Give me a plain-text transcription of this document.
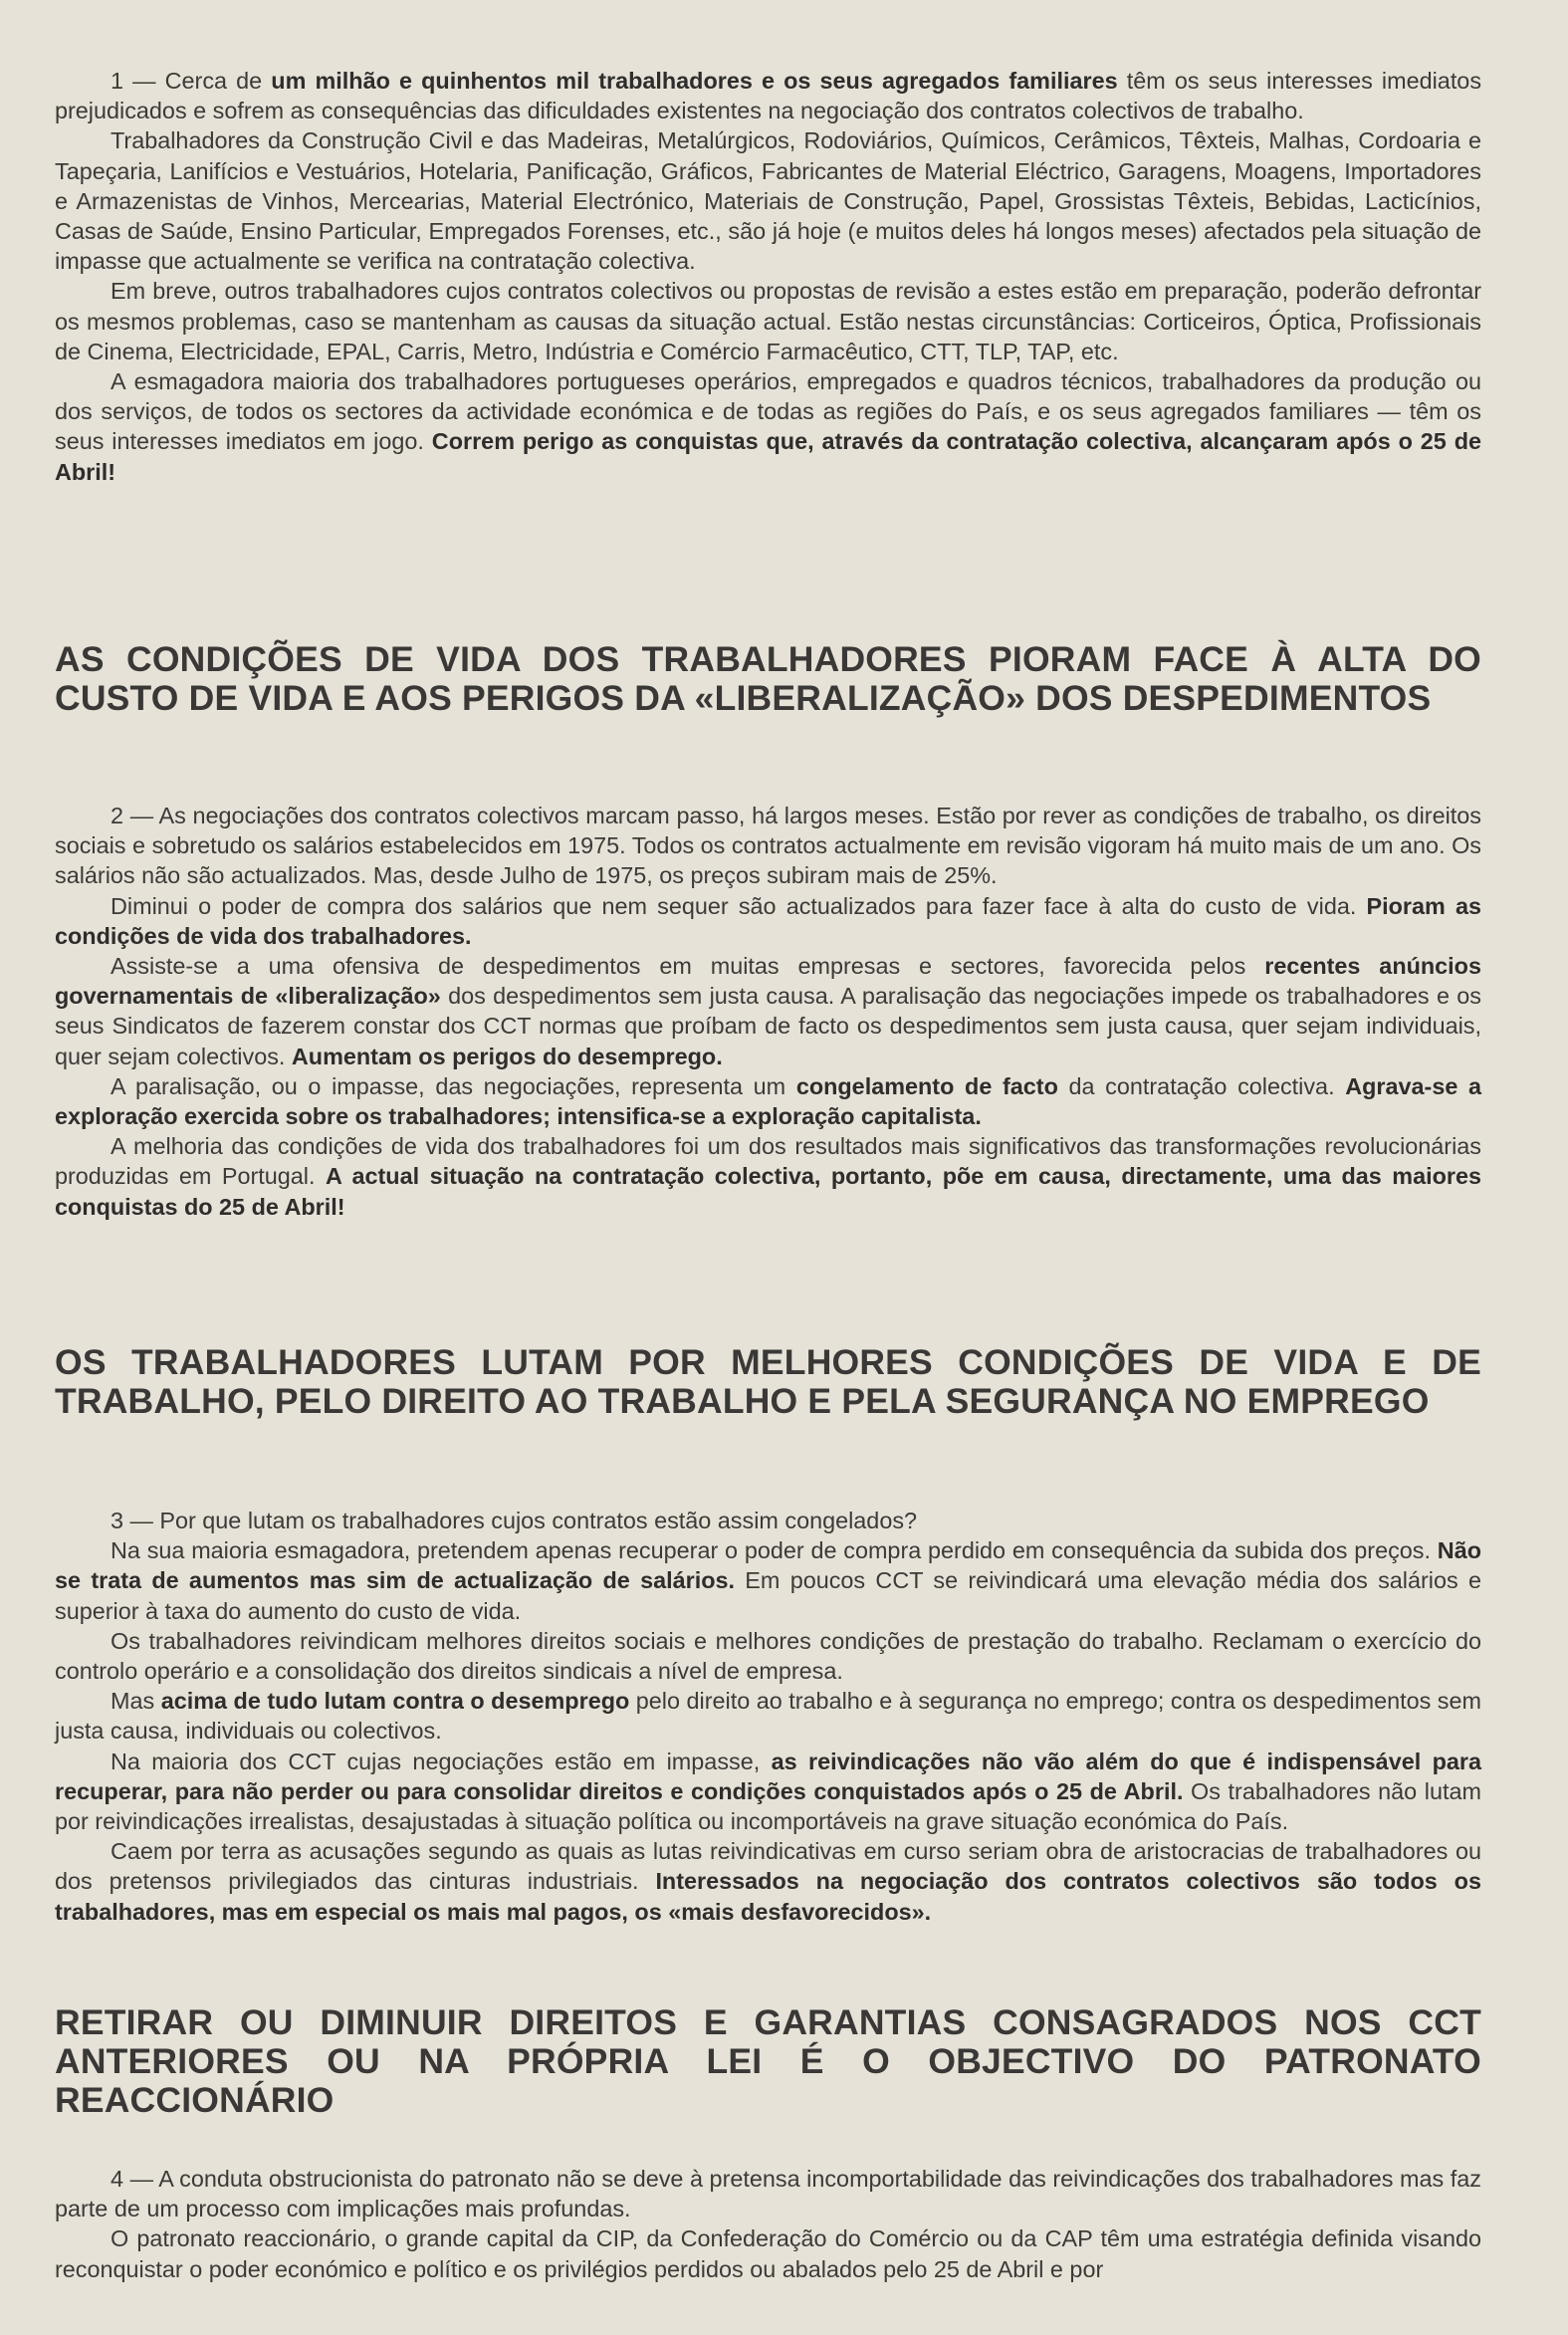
1 — Cerca de um milhão e quinhentos mil trabalhadores e os seus agregados familiares têm os seus interesses imediatos prejudicados e sofrem as consequências das dificuldades existentes na negociação dos contratos colectivos de trabalho.

Trabalhadores da Construção Civil e das Madeiras, Metalúrgicos, Rodoviários, Químicos, Cerâmicos, Têxteis, Malhas, Cordoaria e Tapeçaria, Lanifícios e Vestuários, Hotelaria, Panificação, Gráficos, Fabricantes de Material Eléctrico, Garagens, Moagens, Importadores e Armazenistas de Vinhos, Mercearias, Material Electrónico, Materiais de Construção, Papel, Grossistas Têxteis, Bebidas, Lacticínios, Casas de Saúde, Ensino Particular, Empregados Forenses, etc., são já hoje (e muitos deles há longos meses) afectados pela situação de impasse que actualmente se verifica na contratação colectiva.

Em breve, outros trabalhadores cujos contratos colectivos ou propostas de revisão a estes estão em preparação, poderão defrontar os mesmos problemas, caso se mantenham as causas da situação actual. Estão nestas circunstâncias: Corticeiros, Óptica, Profissionais de Cinema, Electricidade, EPAL, Carris, Metro, Indústria e Comércio Farmacêutico, CTT, TLP, TAP, etc.

A esmagadora maioria dos trabalhadores portugueses operários, empregados e quadros técnicos, trabalhadores da produção ou dos serviços, de todos os sectores da actividade económica e de todas as regiões do País, e os seus agregados familiares — têm os seus interesses imediatos em jogo. Correm perigo as conquistas que, através da contratação colectiva, alcançaram após o 25 de Abril!

AS CONDIÇÕES DE VIDA DOS TRABALHADORES PIORAM FACE À ALTA DO CUSTO DE VIDA E AOS PERIGOS DA «LIBERALIZAÇÃO» DOS DESPEDIMENTOS

2 — As negociações dos contratos colectivos marcam passo, há largos meses. Estão por rever as condições de trabalho, os direitos sociais e sobretudo os salários estabelecidos em 1975. Todos os contratos actualmente em revisão vigoram há muito mais de um ano. Os salários não são actualizados. Mas, desde Julho de 1975, os preços subiram mais de 25%.

Diminui o poder de compra dos salários que nem sequer são actualizados para fazer face à alta do custo de vida. Pioram as condições de vida dos trabalhadores.

Assiste-se a uma ofensiva de despedimentos em muitas empresas e sectores, favorecida pelos recentes anúncios governamentais de «liberalização» dos despedimentos sem justa causa. A paralisação das negociações impede os trabalhadores e os seus Sindicatos de fazerem constar dos CCT normas que proíbam de facto os despedimentos sem justa causa, quer sejam individuais, quer sejam colectivos. Aumentam os perigos do desemprego.

A paralisação, ou o impasse, das negociações, representa um congelamento de facto da contratação colectiva. Agrava-se a exploração exercida sobre os trabalhadores; intensifica-se a exploração capitalista.

A melhoria das condições de vida dos trabalhadores foi um dos resultados mais significativos das transformações revolucionárias produzidas em Portugal. A actual situação na contratação colectiva, portanto, põe em causa, directamente, uma das maiores conquistas do 25 de Abril!

OS TRABALHADORES LUTAM POR MELHORES CONDIÇÕES DE VIDA E DE TRABALHO, PELO DIREITO AO TRABALHO E PELA SEGURANÇA NO EMPREGO

3 — Por que lutam os trabalhadores cujos contratos estão assim congelados?

Na sua maioria esmagadora, pretendem apenas recuperar o poder de compra perdido em consequência da subida dos preços. Não se trata de aumentos mas sim de actualização de salários. Em poucos CCT se reivindicará uma elevação média dos salários e superior à taxa do aumento do custo de vida.

Os trabalhadores reivindicam melhores direitos sociais e melhores condições de prestação do trabalho. Reclamam o exercício do controlo operário e a consolidação dos direitos sindicais a nível de empresa.

Mas acima de tudo lutam contra o desemprego pelo direito ao trabalho e à segurança no emprego; contra os despedimentos sem justa causa, individuais ou colectivos.

Na maioria dos CCT cujas negociações estão em impasse, as reivindicações não vão além do que é indispensável para recuperar, para não perder ou para consolidar direitos e condições conquistados após o 25 de Abril. Os trabalhadores não lutam por reivindicações irrealistas, desajustadas à situação política ou incomportáveis na grave situação económica do País.

Caem por terra as acusações segundo as quais as lutas reivindicativas em curso seriam obra de aristocracias de trabalhadores ou dos pretensos privilegiados das cinturas industriais. Interessados na negociação dos contratos colectivos são todos os trabalhadores, mas em especial os mais mal pagos, os «mais desfavorecidos».

RETIRAR OU DIMINUIR DIREITOS E GARANTIAS CONSAGRADOS NOS CCT ANTERIORES OU NA PRÓPRIA LEI É O OBJECTIVO DO PATRONATO REACCIONÁRIO

4 — A conduta obstrucionista do patronato não se deve à pretensa incomportabilidade das reivindicações dos trabalhadores mas faz parte de um processo com implicações mais profundas.

O patronato reaccionário, o grande capital da CIP, da Confederação do Comércio ou da CAP têm uma estratégia definida visando reconquistar o poder económico e político e os privilégios perdidos ou abalados pelo 25 de Abril e por
